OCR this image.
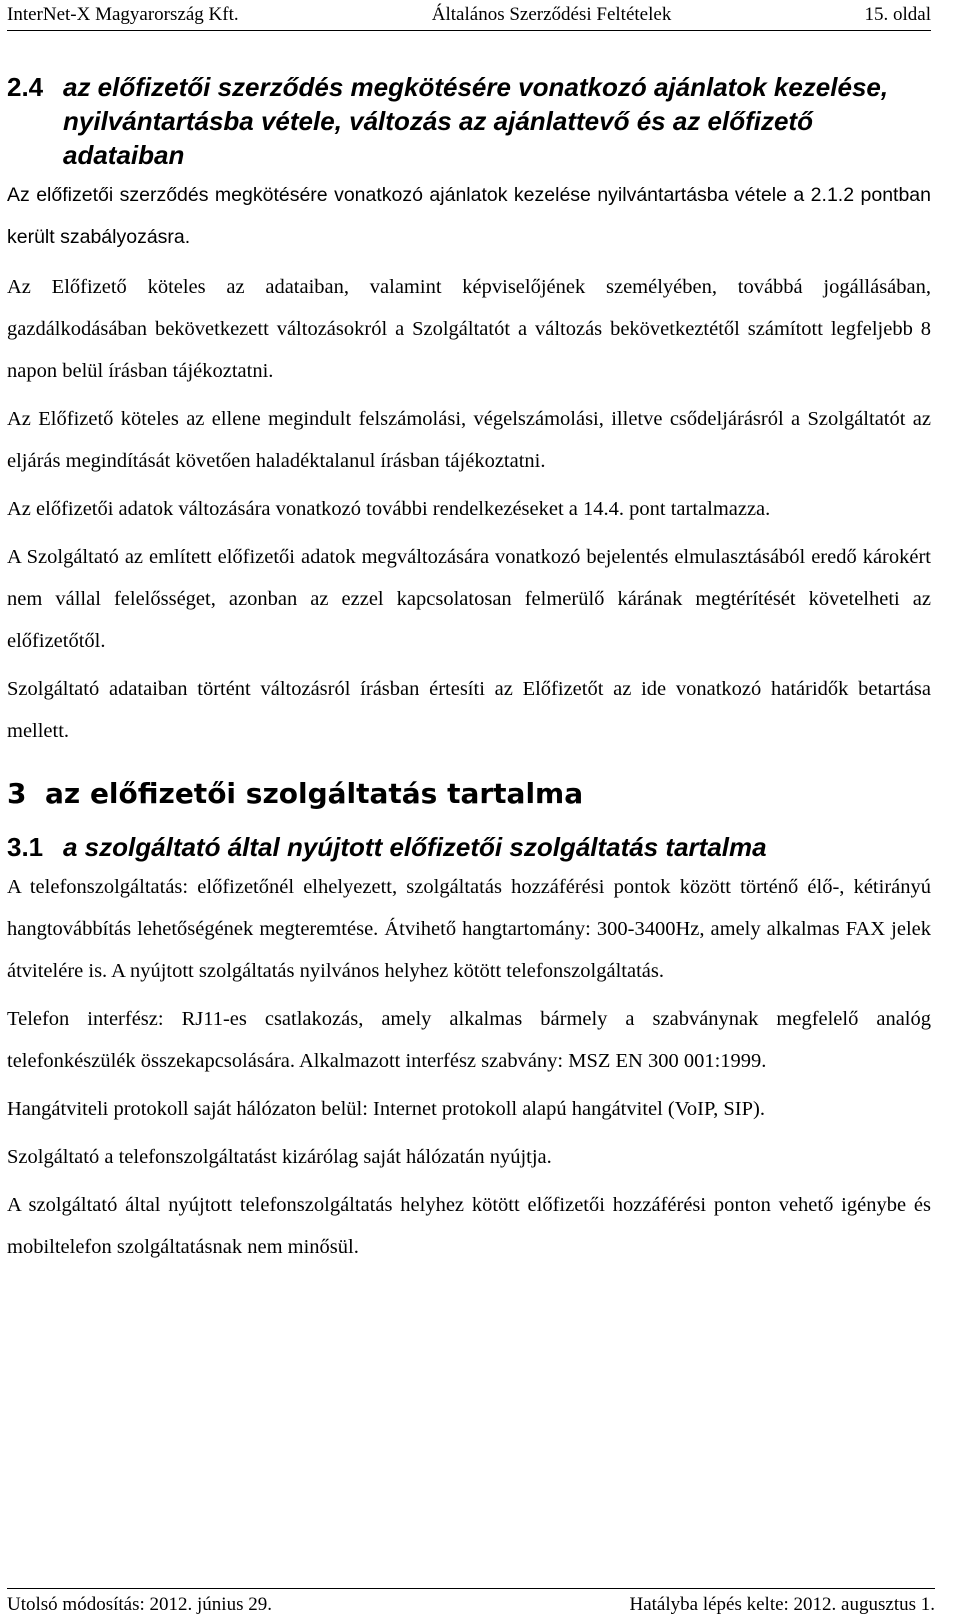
InterNet-X Magyarország Kft.	Általános Szerződési Feltételek	15. oldal
2.4 az előfizetői szerződés megkötésére vonatkozó ajánlatok kezelése, nyilvántartásba vétele, változás az ajánlattevő és az előfizető adataiban

Az előfizetői szerződés megkötésére vonatkozó ajánlatok kezelése nyilvántartásba vétele a 2.1.2 pontban került szabályozásra.

Az Előfizető köteles az adataiban, valamint képviselőjének személyében, továbbá jogállásában, gazdálkodásában bekövetkezett változásokról a Szolgáltatót a változás bekövetkeztétől számított legfeljebb 8 napon belül írásban tájékoztatni.

Az Előfizető köteles az ellene megindult felszámolási, végelszámolási, illetve csődeljárásról a Szolgáltatót az eljárás megindítását követően haladéktalanul írásban tájékoztatni.

Az előfizetői adatok változására vonatkozó további rendelkezéseket a 14.4. pont tartalmazza.

A Szolgáltató az említett előfizetői adatok megváltozására vonatkozó bejelentés elmulasztásából eredő károkért nem vállal felelősséget, azonban az ezzel kapcsolatosan felmerülő kárának megtérítését követelheti az előfizetőtől.

Szolgáltató adataiban történt változásról írásban értesíti az Előfizetőt az ide vonatkozó határidők betartása mellett.

3 az előfizetői szolgáltatás tartalma
3.1 a szolgáltató által nyújtott előfizetői szolgáltatás tartalma

A telefonszolgáltatás: előfizetőnél elhelyezett, szolgáltatás hozzáférési pontok között történő élő-, kétirányú hangtovábbítás lehetőségének megteremtése. Átvihető hangtartomány: 300-3400Hz, amely alkalmas FAX jelek átvitelére is. A nyújtott szolgáltatás nyilvános helyhez kötött telefonszolgáltatás.

Telefon interfész: RJ11-es csatlakozás, amely alkalmas bármely a szabványnak megfelelő analóg telefonkészülék összekapcsolására. Alkalmazott interfész szabvány: MSZ EN 300 001:1999.

Hangátviteli protokoll saját hálózaton belül: Internet protokoll alapú hangátvitel (VoIP, SIP).

Szolgáltató a telefonszolgáltatást kizárólag saját hálózatán nyújtja.

A szolgáltató által nyújtott telefonszolgáltatás helyhez kötött előfizetői hozzáférési ponton vehető igénybe és mobiltelefon szolgáltatásnak nem minősül.

Utolsó módosítás: 2012. június 29.	Hatályba lépés kelte: 2012. augusztus 1.
